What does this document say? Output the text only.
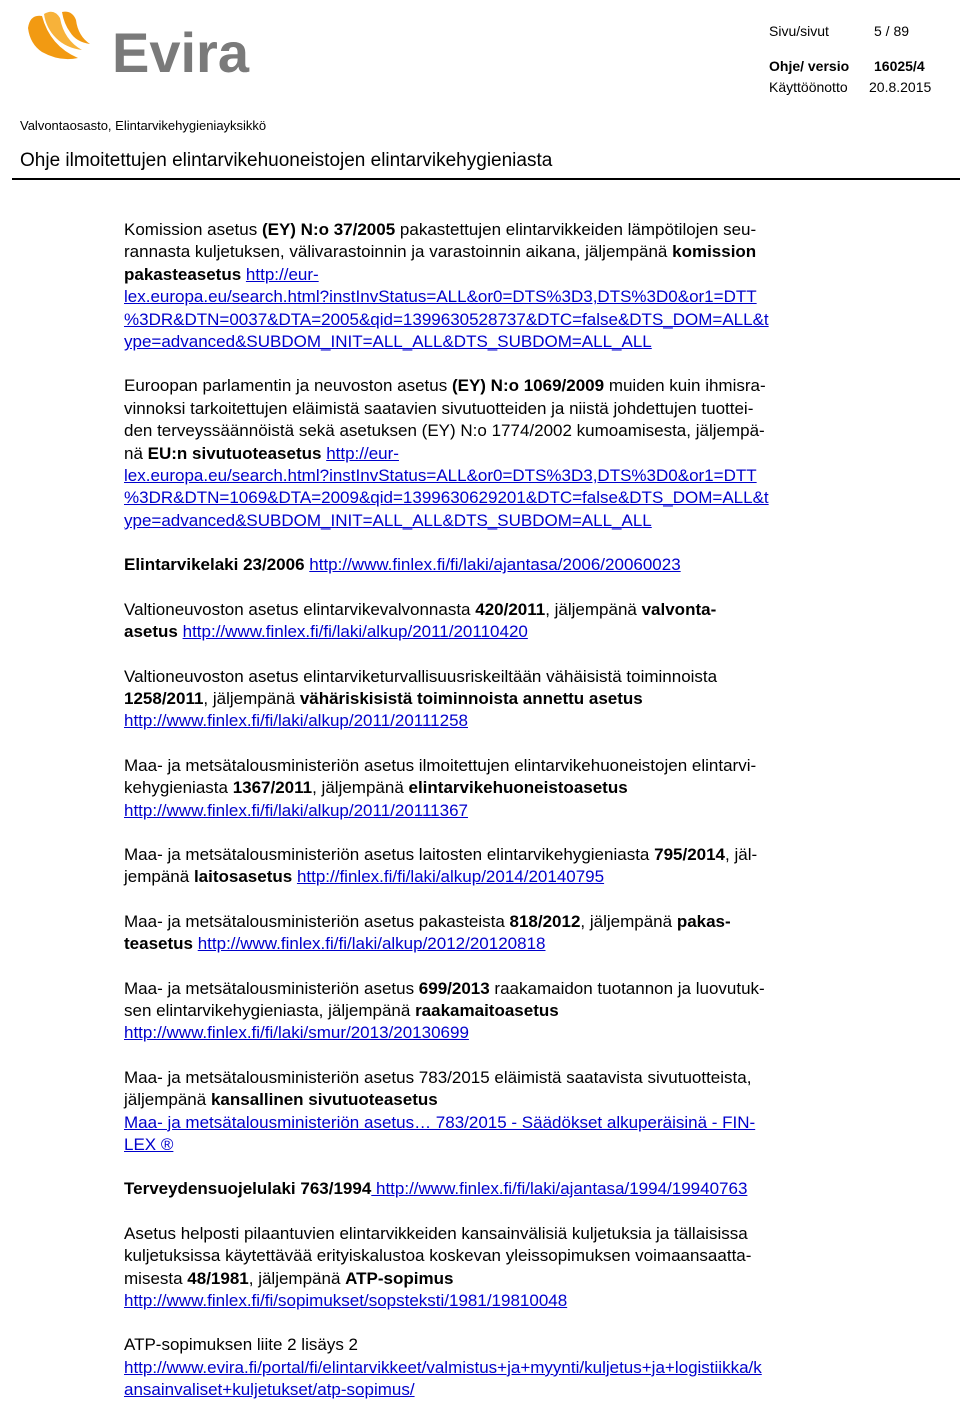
Evira	Sivu/sivut	5 / 89
Ohje/ versio 16025/4
Käyttöönotto 20.8.2015
Valvontaosasto, Elintarvikehygieniayksikkö
Ohje ilmoitettujen elintarvikehuoneistojen elintarvikehygieniasta
Komission asetus (EY) N:o 37/2005 pakastettujen elintarvikkeiden lämpötilojen seu-
rannasta kuljetuksen, välivarastoinnin ja varastoinnin aikana, jäljempänä komission
pakasteasetus http://eur-
lex.europa.eu/search.html?instInvStatus=ALL&or0=DTS%3D3,DTS%3D0&or1=DTT
%3DR&DTN=0037&DTA=2005&qid=1399630528737&DTC=false&DTS_DOM=ALL&t
ype=advanced&SUBDOM_INIT=ALL_ALL&DTS_SUBDOM=ALL_ALL
Euroopan parlamentin ja neuvoston asetus (EY) N:o 1069/2009 muiden kuin ihmisra-
vinnoksi tarkoitettujen eläimistä saatavien sivutuotteiden ja niistä johdettujen tuottei-
den terveyssäännöistä sekä asetuksen (EY) N:o 1774/2002 kumoamisesta, jäljempä-
nä EU:n sivutuoteasetus http://eur-
lex.europa.eu/search.html?instInvStatus=ALL&or0=DTS%3D3,DTS%3D0&or1=DTT
%3DR&DTN=1069&DTA=2009&qid=1399630629201&DTC=false&DTS_DOM=ALL&t
ype=advanced&SUBDOM_INIT=ALL_ALL&DTS_SUBDOM=ALL_ALL
Elintarvikelaki 23/2006 http://www.finlex.fi/fi/laki/ajantasa/2006/20060023
Valtioneuvoston asetus elintarvikevalvonnasta 420/2011, jäljempänä valvonta-
asetus http://www.finlex.fi/fi/laki/alkup/2011/20110420
Valtioneuvoston asetus elintarviketurvallisuusriskeiltään vähäisistä toiminnoista
1258/2011, jäljempänä vähäriskisistä toiminnoista annettu asetus
http://www.finlex.fi/fi/laki/alkup/2011/20111258
Maa- ja metsätalousministeriön asetus ilmoitettujen elintarvikehuoneistojen elintarvi-
kehygieniasta 1367/2011, jäljempänä elintarvikehuoneistoasetus
http://www.finlex.fi/fi/laki/alkup/2011/20111367
Maa- ja metsätalousministeriön asetus laitosten elintarvikehygieniasta 795/2014, jäl-
jempänä laitosasetus http://finlex.fi/fi/laki/alkup/2014/20140795
Maa- ja metsätalousministeriön asetus pakasteista 818/2012, jäljempänä pakas-
teasetus http://www.finlex.fi/fi/laki/alkup/2012/20120818
Maa- ja metsätalousministeriön asetus 699/2013 raakamaidon tuotannon ja luovutuk-
sen elintarvikehygieniasta, jäljempänä raakamaitoasetus
http://www.finlex.fi/fi/laki/smur/2013/20130699
Maa- ja metsätalousministeriön asetus 783/2015 eläimistä saatavista sivutuotteista,
jäljempänä kansallinen sivutuoteasetus
Maa- ja metsätalousministeriön asetus… 783/2015 - Säädökset alkuperäisinä - FIN-
LEX ®
Terveydensuojelulaki 763/1994 http://www.finlex.fi/fi/laki/ajantasa/1994/19940763
Asetus helposti pilaantuvien elintarvikkeiden kansainvälisiä kuljetuksia ja tällaisissa
kuljetuksissa käytettävää erityiskalustoa koskevan yleissopimuksen voimaansaatta-
misesta 48/1981, jäljempänä ATP-sopimus
http://www.finlex.fi/fi/sopimukset/sopsteksti/1981/19810048
ATP-sopimuksen liite 2 lisäys 2
http://www.evira.fi/portal/fi/elintarvikkeet/valmistus+ja+myynti/kuljetus+ja+logistiikka/k
ansainvaliset+kuljetukset/atp-sopimus/
